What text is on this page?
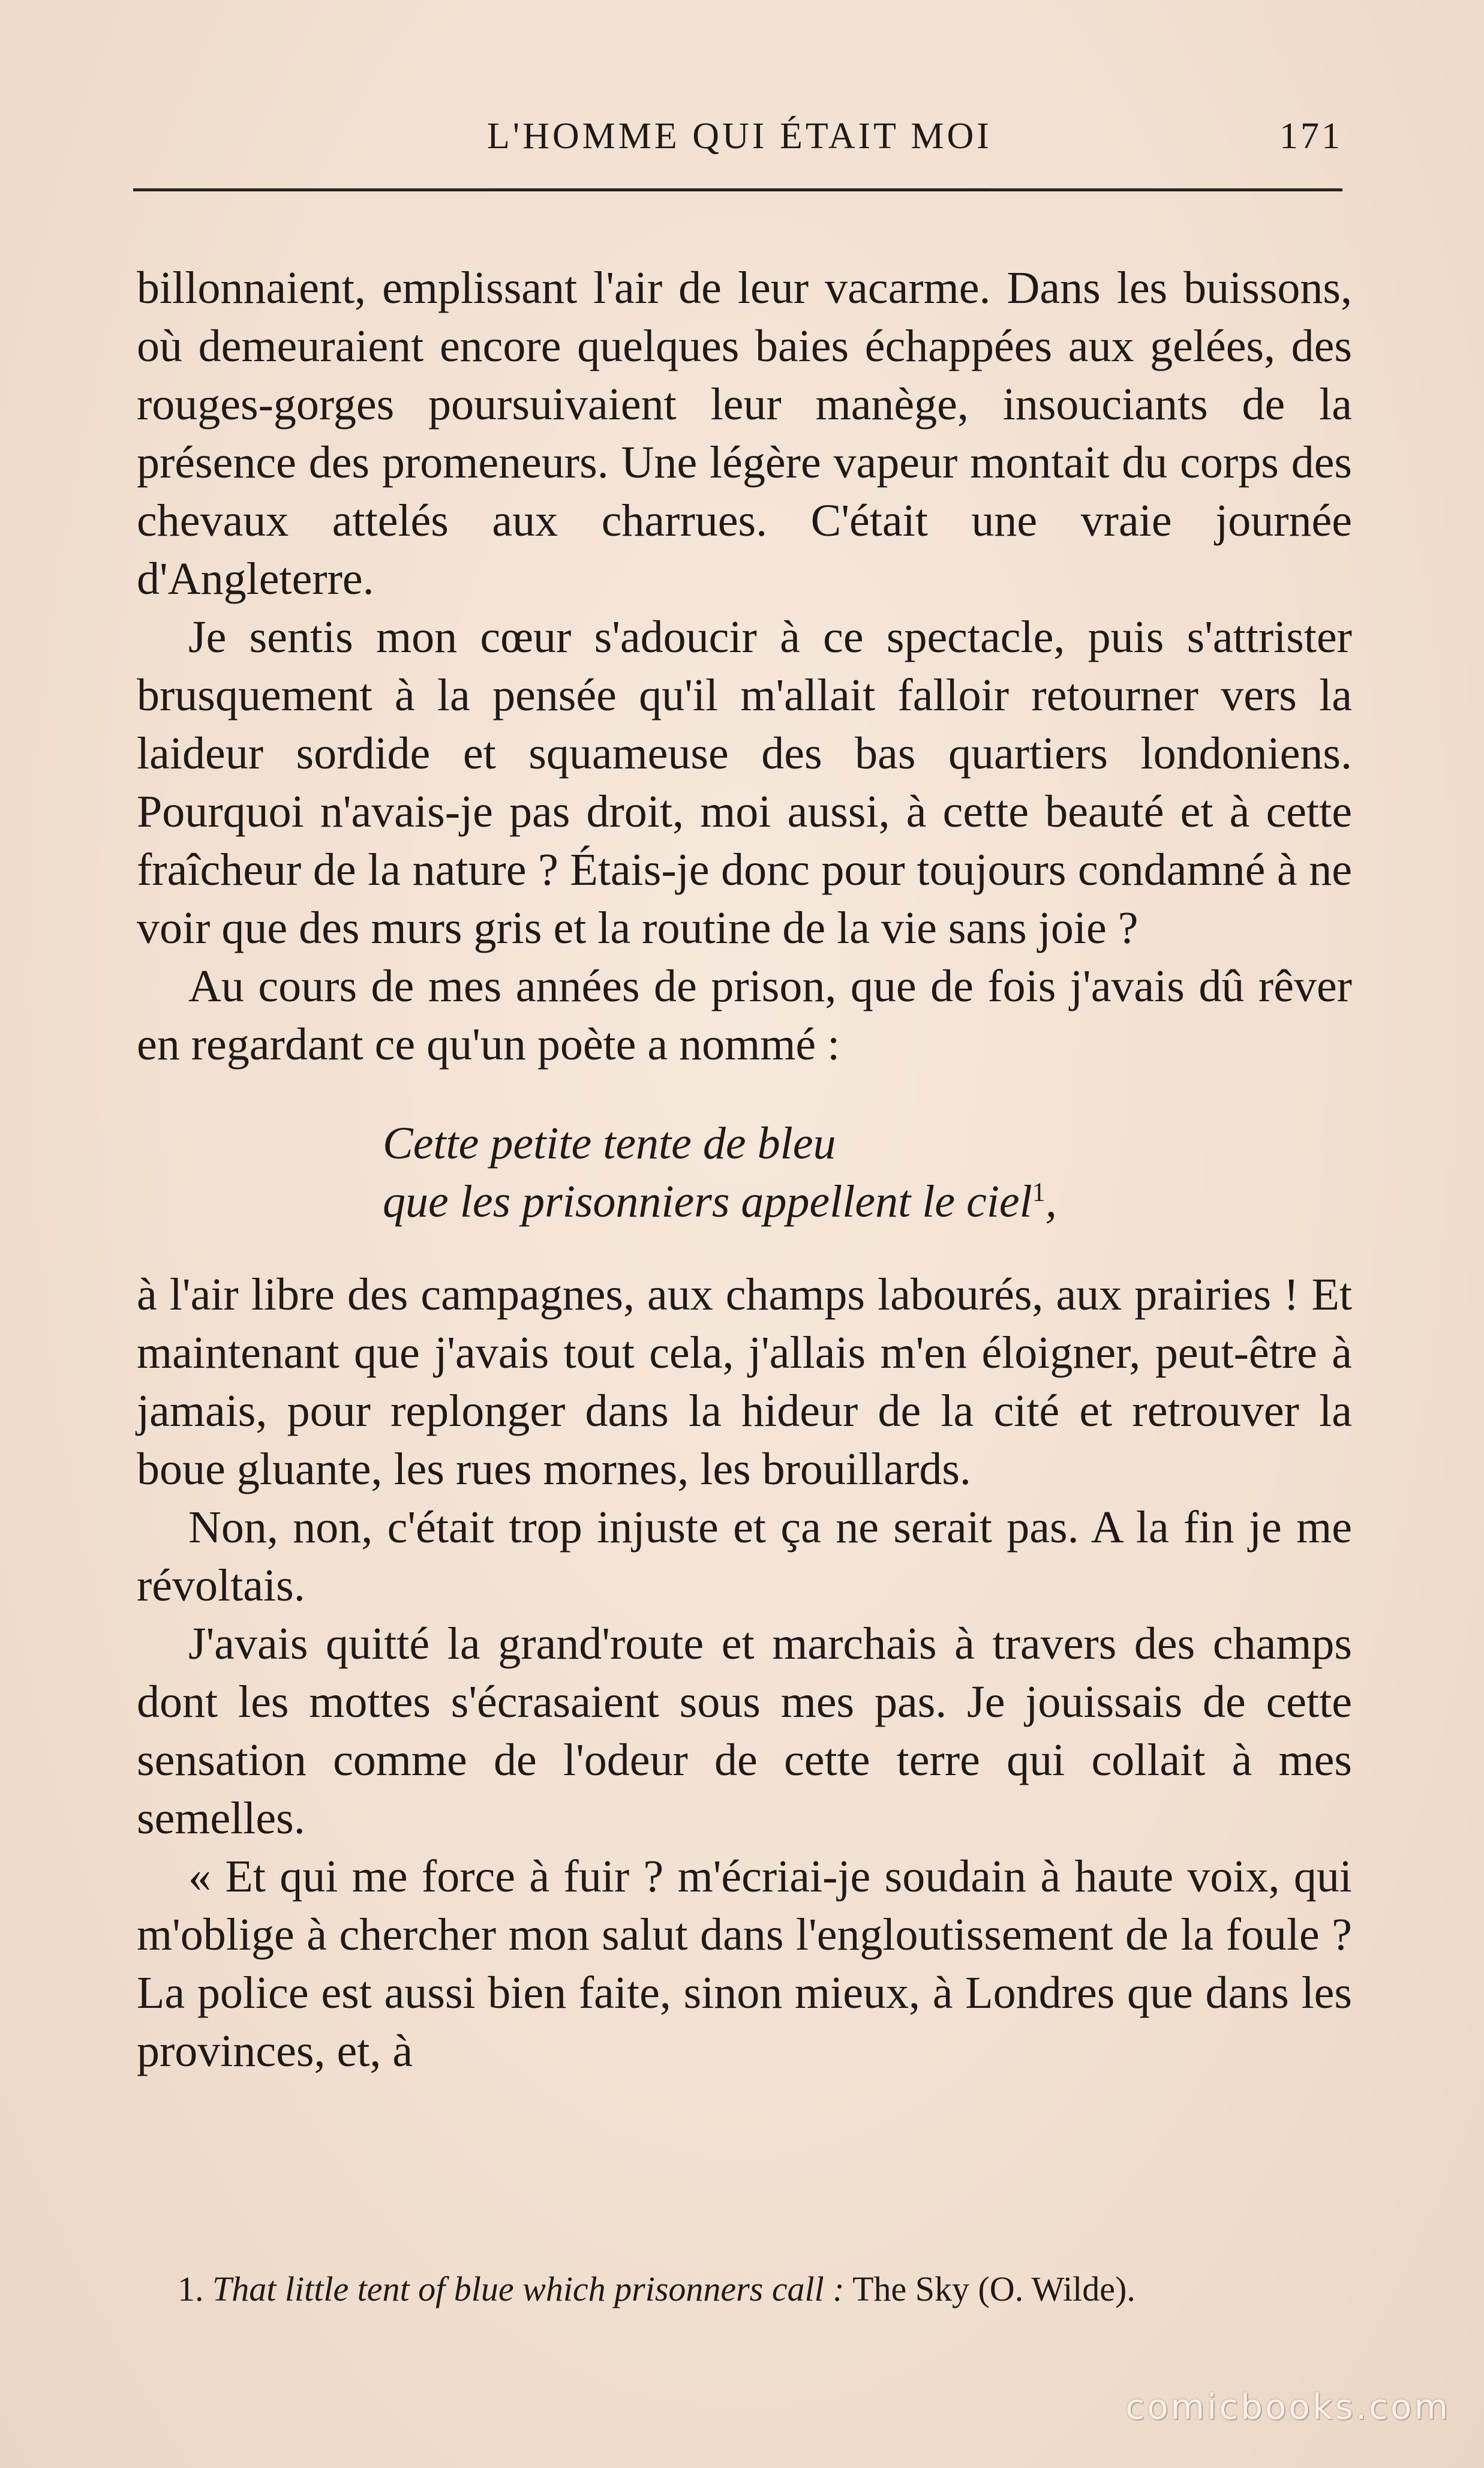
L'HOMME QUI ÉTAIT MOI	171

billonnaient, emplissant l'air de leur vacarme. Dans les buissons, où demeuraient encore quelques baies échappées aux gelées, des rouges-gorges poursuivaient leur manège, insouciants de la présence des promeneurs. Une légère vapeur montait du corps des chevaux attelés aux charrues. C'était une vraie journée d'Angleterre.

Je sentis mon cœur s'adoucir à ce spectacle, puis s'attrister brusquement à la pensée qu'il m'allait falloir retourner vers la laideur sordide et squameuse des bas quartiers londoniens. Pourquoi n'avais-je pas droit, moi aussi, à cette beauté et à cette fraîcheur de la nature ? Étais-je donc pour toujours condamné à ne voir que des murs gris et la routine de la vie sans joie ?

Au cours de mes années de prison, que de fois j'avais dû rêver en regardant ce qu'un poète a nommé :

Cette petite tente de bleu
que les prisonniers appellent le ciel$^1$,

à l'air libre des campagnes, aux champs labourés, aux prairies ! Et maintenant que j'avais tout cela, j'allais m'en éloigner, peut-être à jamais, pour replonger dans la hideur de la cité et retrouver la boue gluante, les rues mornes, les brouillards.

Non, non, c'était trop injuste et ça ne serait pas. A la fin je me révoltais.

J'avais quitté la grand'route et marchais à travers des champs dont les mottes s'écrasaient sous mes pas. Je jouissais de cette sensation comme de l'odeur de cette terre qui collait à mes semelles.

« Et qui me force à fuir ? m'écriai-je soudain à haute voix, qui m'oblige à chercher mon salut dans l'engloutissement de la foule ? La police est aussi bien faite, sinon mieux, à Londres que dans les provinces, et, à

1. That little tent of blue which prisonners call : The Sky (O. Wilde).
comicbooks.com
